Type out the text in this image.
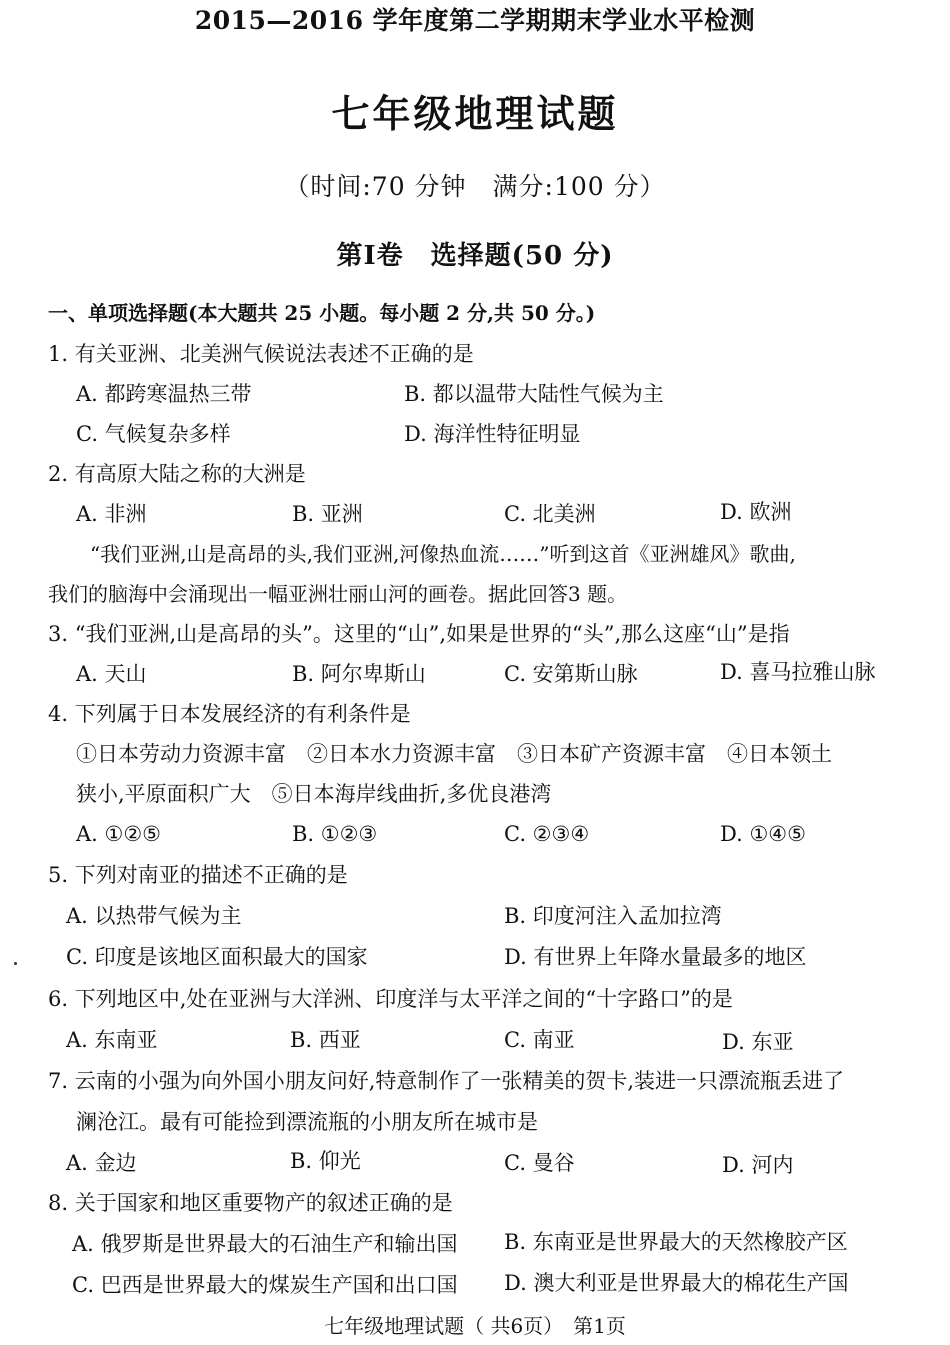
2015—2016 学年度第二学期期末学业水平检测
七年级地理试题
（时间:70 分钟　满分:100 分）
第Ⅰ卷　选择题(50 分)
一、单项选择题(本大题共 25 小题。每小题 2 分,共 50 分。)
1. 有关亚洲、北美洲气候说法表述不正确的是
A. 都跨寒温热三带	B. 都以温带大陆性气候为主
C. 气候复杂多样	D. 海洋性特征明显
2. 有高原大陆之称的大洲是
A. 非洲	B. 亚洲	C. 北美洲	D. 欧洲
“我们亚洲,山是高昂的头,我们亚洲,河像热血流……”听到这首《亚洲雄风》歌曲,
我们的脑海中会涌现出一幅亚洲壮丽山河的画卷。据此回答3 题。
3. “我们亚洲,山是高昂的头”。这里的“山”,如果是世界的“头”,那么这座“山”是指
A. 天山	B. 阿尔卑斯山	C. 安第斯山脉	D. 喜马拉雅山脉
4. 下列属于日本发展经济的有利条件是
①日本劳动力资源丰富　②日本水力资源丰富　③日本矿产资源丰富　④日本领土
狭小,平原面积广大　⑤日本海岸线曲折,多优良港湾
A. ①②⑤	B. ①②③	C. ②③④	D. ①④⑤
5. 下列对南亚的描述不正确的是
A. 以热带气候为主	B. 印度河注入孟加拉湾
C. 印度是该地区面积最大的国家	D. 有世界上年降水量最多的地区
6. 下列地区中,处在亚洲与大洋洲、印度洋与太平洋之间的“十字路口”的是
A. 东南亚	B. 西亚	C. 南亚	D. 东亚
7. 云南的小强为向外国小朋友问好,特意制作了一张精美的贺卡,装进一只漂流瓶丢进了
澜沧江。最有可能捡到漂流瓶的小朋友所在城市是
A. 金边	B. 仰光	C. 曼谷	D. 河内
8. 关于国家和地区重要物产的叙述正确的是
A. 俄罗斯是世界最大的石油生产和输出国 B. 东南亚是世界最大的天然橡胶产区
C. 巴西是世界最大的煤炭生产国和出口国 D. 澳大利亚是世界最大的棉花生产国
七年级地理试题（ 共6页）　第1页
